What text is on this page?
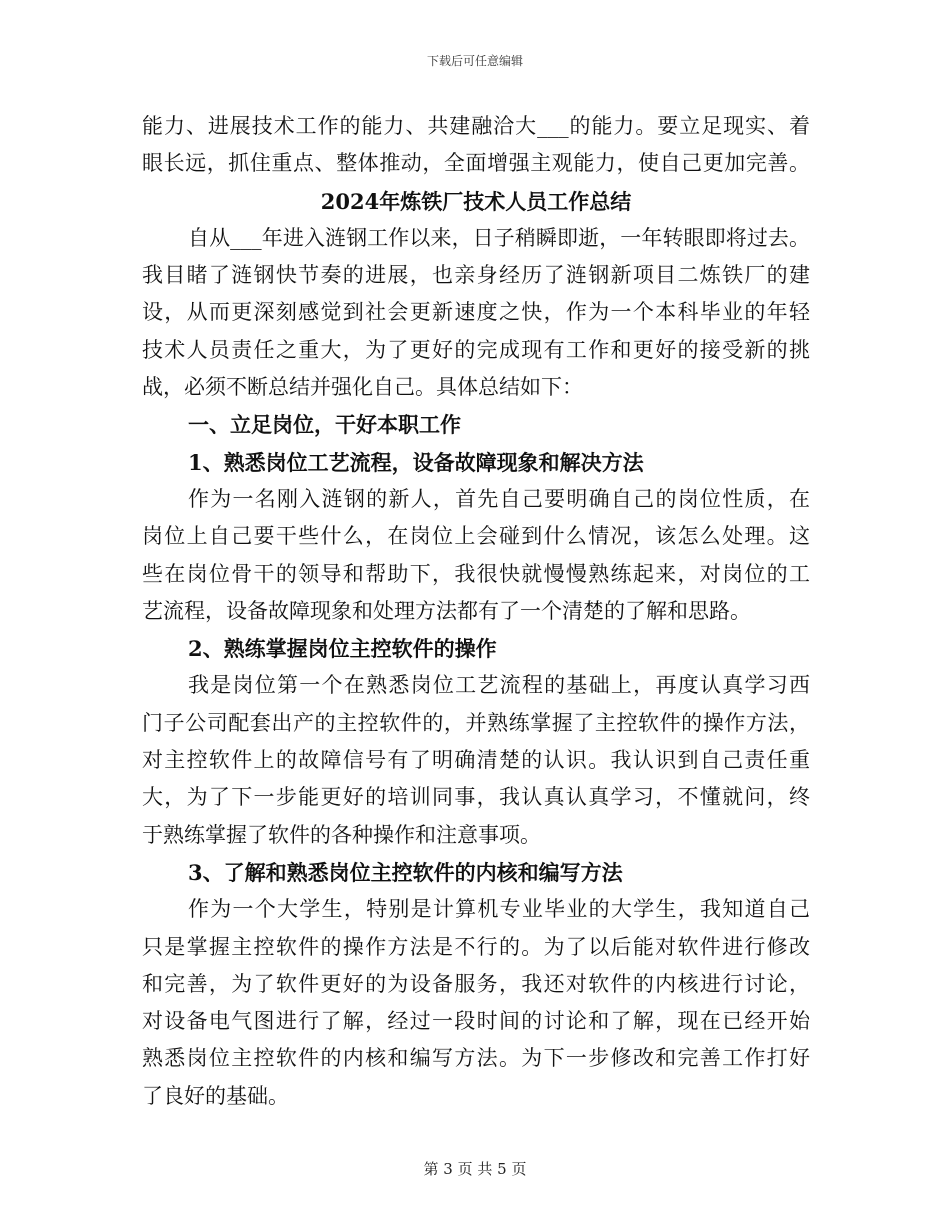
下载后可任意编辑
能力、进展技术工作的能力、共建融洽大___的能力。要立足现实、着
眼长远，抓住重点、整体推动，全面增强主观能力，使自己更加完善。
2024年炼铁厂技术人员工作总结
自从___年进入涟钢工作以来，日子稍瞬即逝，一年转眼即将过去。
我目睹了涟钢快节奏的进展，也亲身经历了涟钢新项目二炼铁厂的建
设，从而更深刻感觉到社会更新速度之快，作为一个本科毕业的年轻
技术人员责任之重大，为了更好的完成现有工作和更好的接受新的挑
战，必须不断总结并强化自己。具体总结如下：
一、立足岗位，干好本职工作
1、熟悉岗位工艺流程，设备故障现象和解决方法
作为一名刚入涟钢的新人，首先自己要明确自己的岗位性质，在
岗位上自己要干些什么，在岗位上会碰到什么情况，该怎么处理。这
些在岗位骨干的领导和帮助下，我很快就慢慢熟练起来，对岗位的工
艺流程，设备故障现象和处理方法都有了一个清楚的了解和思路。
2、熟练掌握岗位主控软件的操作
我是岗位第一个在熟悉岗位工艺流程的基础上，再度认真学习西
门子公司配套出产的主控软件的，并熟练掌握了主控软件的操作方法，
对主控软件上的故障信号有了明确清楚的认识。我认识到自己责任重
大，为了下一步能更好的培训同事，我认真认真学习，不懂就问，终
于熟练掌握了软件的各种操作和注意事项。
3、了解和熟悉岗位主控软件的内核和编写方法
作为一个大学生，特别是计算机专业毕业的大学生，我知道自己
只是掌握主控软件的操作方法是不行的。为了以后能对软件进行修改
和完善，为了软件更好的为设备服务，我还对软件的内核进行讨论，
对设备电气图进行了解，经过一段时间的讨论和了解，现在已经开始
熟悉岗位主控软件的内核和编写方法。为下一步修改和完善工作打好
了良好的基础。
第 3 页 共 5 页
